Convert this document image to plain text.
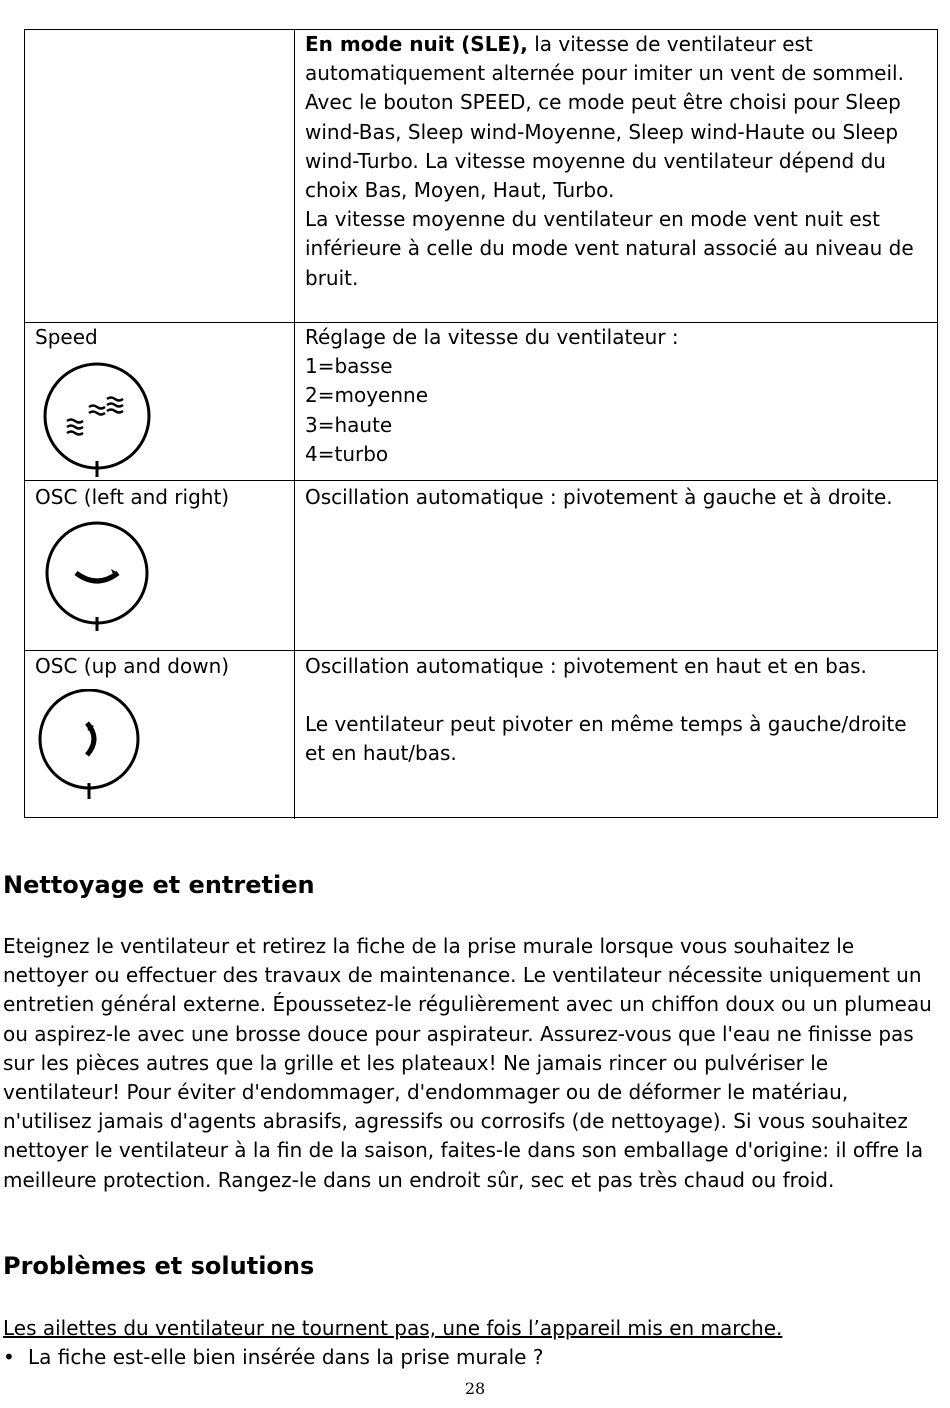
En mode nuit (SLE), la vitesse de ventilateur est automatiquement alternée pour imiter un vent de sommeil. Avec le bouton SPEED, ce mode peut être choisi pour Sleep wind-Bas, Sleep wind-Moyenne, Sleep wind-Haute ou Sleep wind-Turbo. La vitesse moyenne du ventilateur dépend du choix Bas, Moyen, Haut, Turbo.

La vitesse moyenne du ventilateur en mode vent nuit est inférieure à celle du mode vent natural associé au niveau de bruit.

Speed	Réglage de la vitesse du ventilateur :

1=basse

2=moyenne

3=haute

4=turbo

OSC (left and right)	Oscillation automatique : pivotement à gauche et à droite.
OSC (up and down)	Oscillation automatique : pivotement en haut et en bas.

Le ventilateur peut pivoter en même temps à gauche/droite et en haut/bas.

Nettoyage et entretien

Eteignez le ventilateur et retirez la fiche de la prise murale lorsque vous souhaitez le nettoyer ou effectuer des travaux de maintenance. Le ventilateur nécessite uniquement un entretien général externe. Époussetez-le régulièrement avec un chiffon doux ou un plumeau ou aspirez-le avec une brosse douce pour aspirateur. Assurez-vous que l'eau ne finisse pas sur les pièces autres que la grille et les plateaux! Ne jamais rincer ou pulvériser le ventilateur! Pour éviter d'endommager, d'endommager ou de déformer le matériau, n'utilisez jamais d'agents abrasifs, agressifs ou corrosifs (de nettoyage). Si vous souhaitez nettoyer le ventilateur à la fin de la saison, faites-le dans son emballage d'origine: il offre la meilleure protection. Rangez-le dans un endroit sûr, sec et pas très chaud ou froid.

Problèmes et solutions

Les ailettes du ventilateur ne tournent pas, une fois l’appareil mis en marche.

• La fiche est-elle bien insérée dans la prise murale ?
28
